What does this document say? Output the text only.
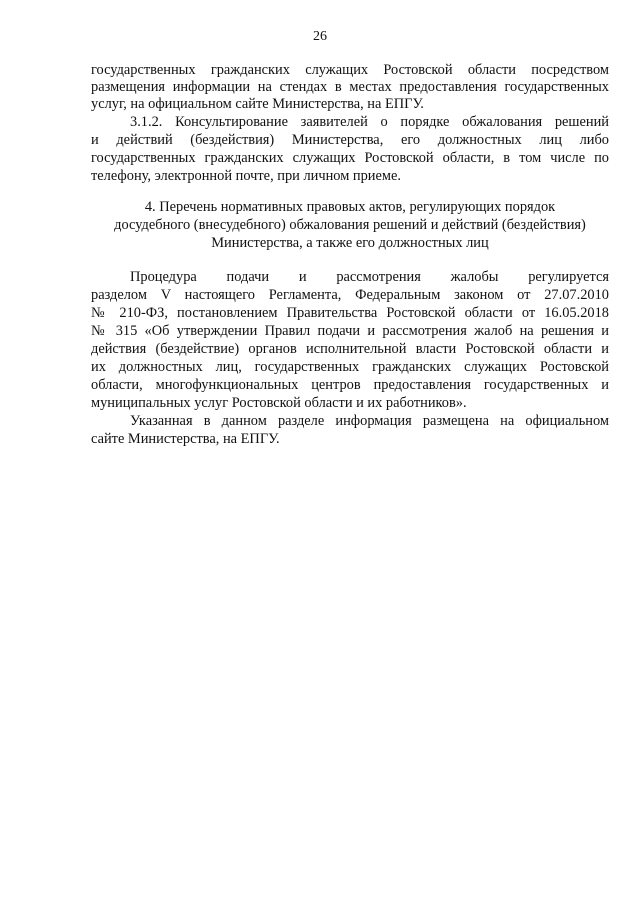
26
государственных гражданских служащих Ростовской области посредством
размещения информации на стендах в местах предоставления государственных
услуг, на официальном сайте Министерства, на ЕПГУ.
3.1.2. Консультирование заявителей о порядке обжалования решений
и действий (бездействия) Министерства, его должностных лиц либо
государственных гражданских служащих Ростовской области, в том числе по
телефону, электронной почте, при личном приеме.
4. Перечень нормативных правовых актов, регулирующих порядок
досудебного (внесудебного) обжалования решений и действий (бездействия)
Министерства, а также его должностных лиц
Процедура подачи и рассмотрения жалобы регулируется
разделом V настоящего Регламента, Федеральным законом от 27.07.2010
№ 210-ФЗ, постановлением Правительства Ростовской области от 16.05.2018
№ 315 «Об утверждении Правил подачи и рассмотрения жалоб на решения и
действия (бездействие) органов исполнительной власти Ростовской области и
их должностных лиц, государственных гражданских служащих Ростовской
области, многофункциональных центров предоставления государственных и
муниципальных услуг Ростовской области и их работников».
Указанная в данном разделе информация размещена на официальном
сайте Министерства, на ЕПГУ.
